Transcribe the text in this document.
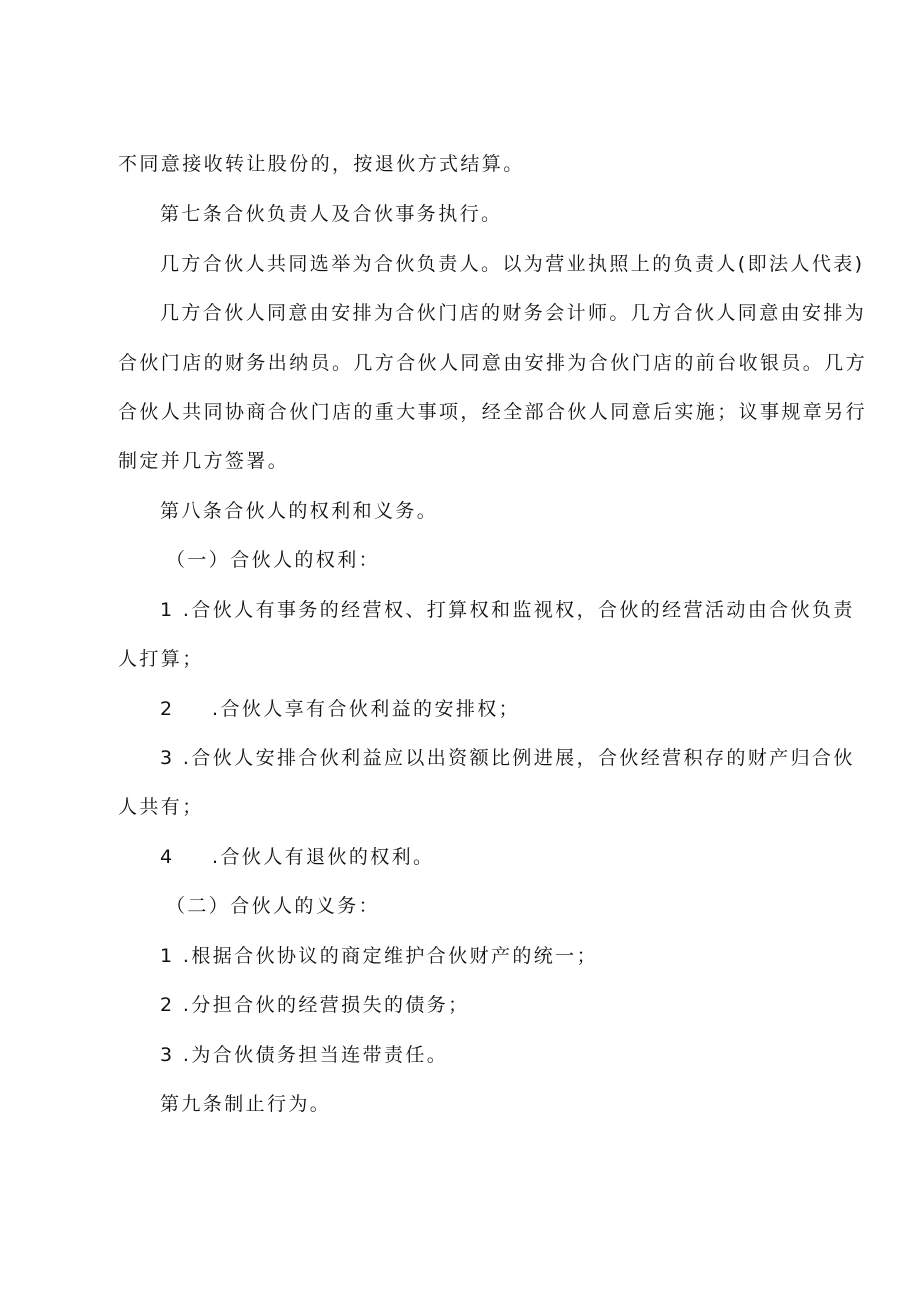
不同意接收转让股份的，按退伙方式结算。
第七条合伙负责人及合伙事务执行。
几方合伙人共同选举为合伙负责人。以为营业执照上的负责人(即法人代表)
几方合伙人同意由安排为合伙门店的财务会计师。几方合伙人同意由安排为
合伙门店的财务出纳员。几方合伙人同意由安排为合伙门店的前台收银员。几方
合伙人共同协商合伙门店的重大事项，经全部合伙人同意后实施；议事规章另行
制定并几方签署。
第八条合伙人的权利和义务。
（一）合伙人的权利：
1 .合伙人有事务的经营权、打算权和监视权，合伙的经营活动由合伙负责
人打算；
2 .合伙人享有合伙利益的安排权；
3 .合伙人安排合伙利益应以出资额比例进展，合伙经营积存的财产归合伙
人共有；
4 .合伙人有退伙的权利。
（二）合伙人的义务：
1 .根据合伙协议的商定维护合伙财产的统一；
2 .分担合伙的经营损失的债务；
3 .为合伙债务担当连带责任。
第九条制止行为。
